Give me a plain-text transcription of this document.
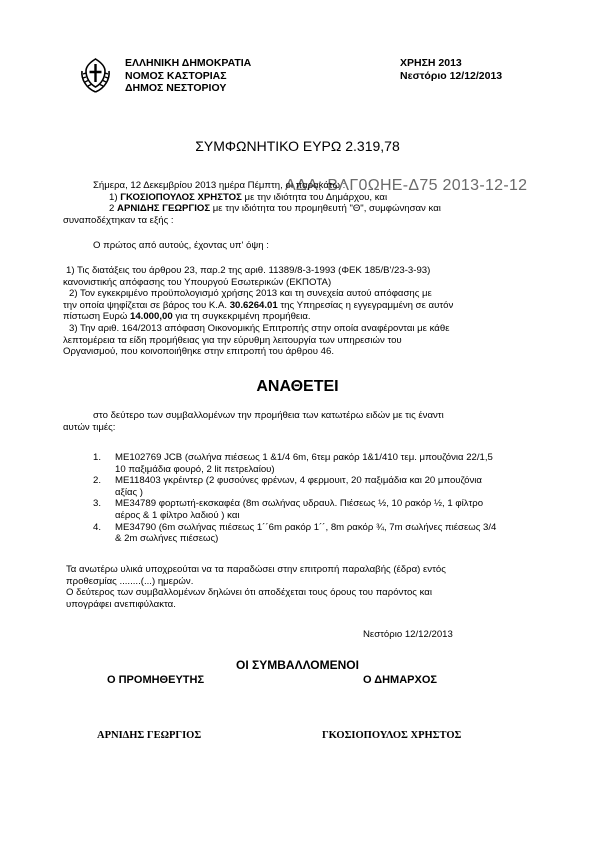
ΕΛΛΗΝΙΚΗ ΔΗΜΟΚΡΑΤΙΑ
ΝΟΜΟΣ ΚΑΣΤΟΡΙΑΣ
ΔΗΜΟΣ ΝΕΣΤΟΡΙΟΥ
ΧΡΗΣΗ 2013
Νεστόριο 12/12/2013
ΣΥΜΦΩΝΗΤΙΚΟ ΕΥΡΩ 2.319,78
ΑΔΑ: ΒΛΓ0ΩΗΕ-Δ75 2013-12-12
Σήμερα, 12 Δεκεμβρίου 2013 ημέρα Πέμπτη, οι παρακάτω :
1) ΓΚΟΣΙΟΠΟΥΛΟΣ ΧΡΗΣΤΟΣ με την ιδιότητα του Δημάρχου, και
2 ΑΡΝΙΔΗΣ ΓΕΩΡΓΙΟΣ με την ιδιότητα του προμηθευτή "Θ", συμφώνησαν και
συναποδέχτηκαν τα εξής :
Ο πρώτος από αυτούς, έχοντας υπ' όψη :
1) Τις διατάξεις του άρθρου 23, παρ.2 της αριθ. 11389/8-3-1993 (ΦΕΚ 185/Β'/23-3-93)
κανονιστικής απόφασης του Υπουργού Εσωτερικών (ΕΚΠΟΤΑ)
2) Τον εγκεκριμένο προϋπολογισμό χρήσης 2013 και τη συνεχεία αυτού απόφασης με
την οποία ψηφίζεται σε βάρος του Κ.Α. 30.6264.01 της Υπηρεσίας η εγγεγραμμένη σε αυτόν
πίστωση Ευρώ 14.000,00 για τη συγκεκριμένη προμήθεια.
3) Την αριθ. 164/2013 απόφαση Οικονομικής Επιτροπής στην οποία αναφέρονται με κάθε
λεπτομέρεια τα είδη προμήθειας για την εύρυθμη λειτουργία των υπηρεσιών του
Οργανισμού, που κοινοποιήθηκε στην επιτροπή του άρθρου 46.
ΑΝΑΘΕΤΕΙ
στο δεύτερο των συμβαλλομένων την προμήθεια των κατωτέρω ειδών με τις έναντι
αυτών τιμές:
1. ΜΕ102769 JCB (σωλήνα πιέσεως 1 &1/4 6m, 6τεμ ρακόρ 1&1/410 τεμ. μπουζόνια 22/1,5
10 παξιμάδια φουρό, 2 lit πετρελαίου)
2. ΜΕ118403 γκρέιντερ (2 φυσούνες φρένων, 4 φερμουιτ, 20 παξιμάδια και 20 μπουζόνια
αξίας )
3. ΜΕ34789 φορτωτή-εκσκαφέα (8m σωλήνας υδραυλ. Πιέσεως ½, 10 ρακόρ ½, 1 φίλτρο
αέρος & 1 φίλτρο λαδιού ) και
4. ΜΕ34790 (6m σωλήνας πιέσεως 1´´6m ρακόρ 1´´, 8m ρακόρ ¾, 7m σωλήνες πιέσεως 3/4
& 2m σωλήνες πιέσεως)
Τα ανωτέρω υλικά υποχρεούται να τα παραδώσει στην επιτροπή παραλαβής (έδρα) εντός
προθεσμίας ........(...) ημερών.
Ο δεύτερος των συμβαλλομένων δηλώνει ότι αποδέχεται τους όρους του παρόντος και
υπογράφει ανεπιφύλακτα.
Νεστόριο 12/12/2013
ΟΙ ΣΥΜΒΑΛΛΟΜΕΝΟΙ
Ο ΠΡΟΜΗΘΕΥΤΗΣ	Ο ΔΗΜΑΡΧΟΣ
ΑΡΝΙΔΗΣ ΓΕΩΡΓΙΟΣ	ΓΚΟΣΙΟΠΟΥΛΟΣ ΧΡΗΣΤΟΣ
